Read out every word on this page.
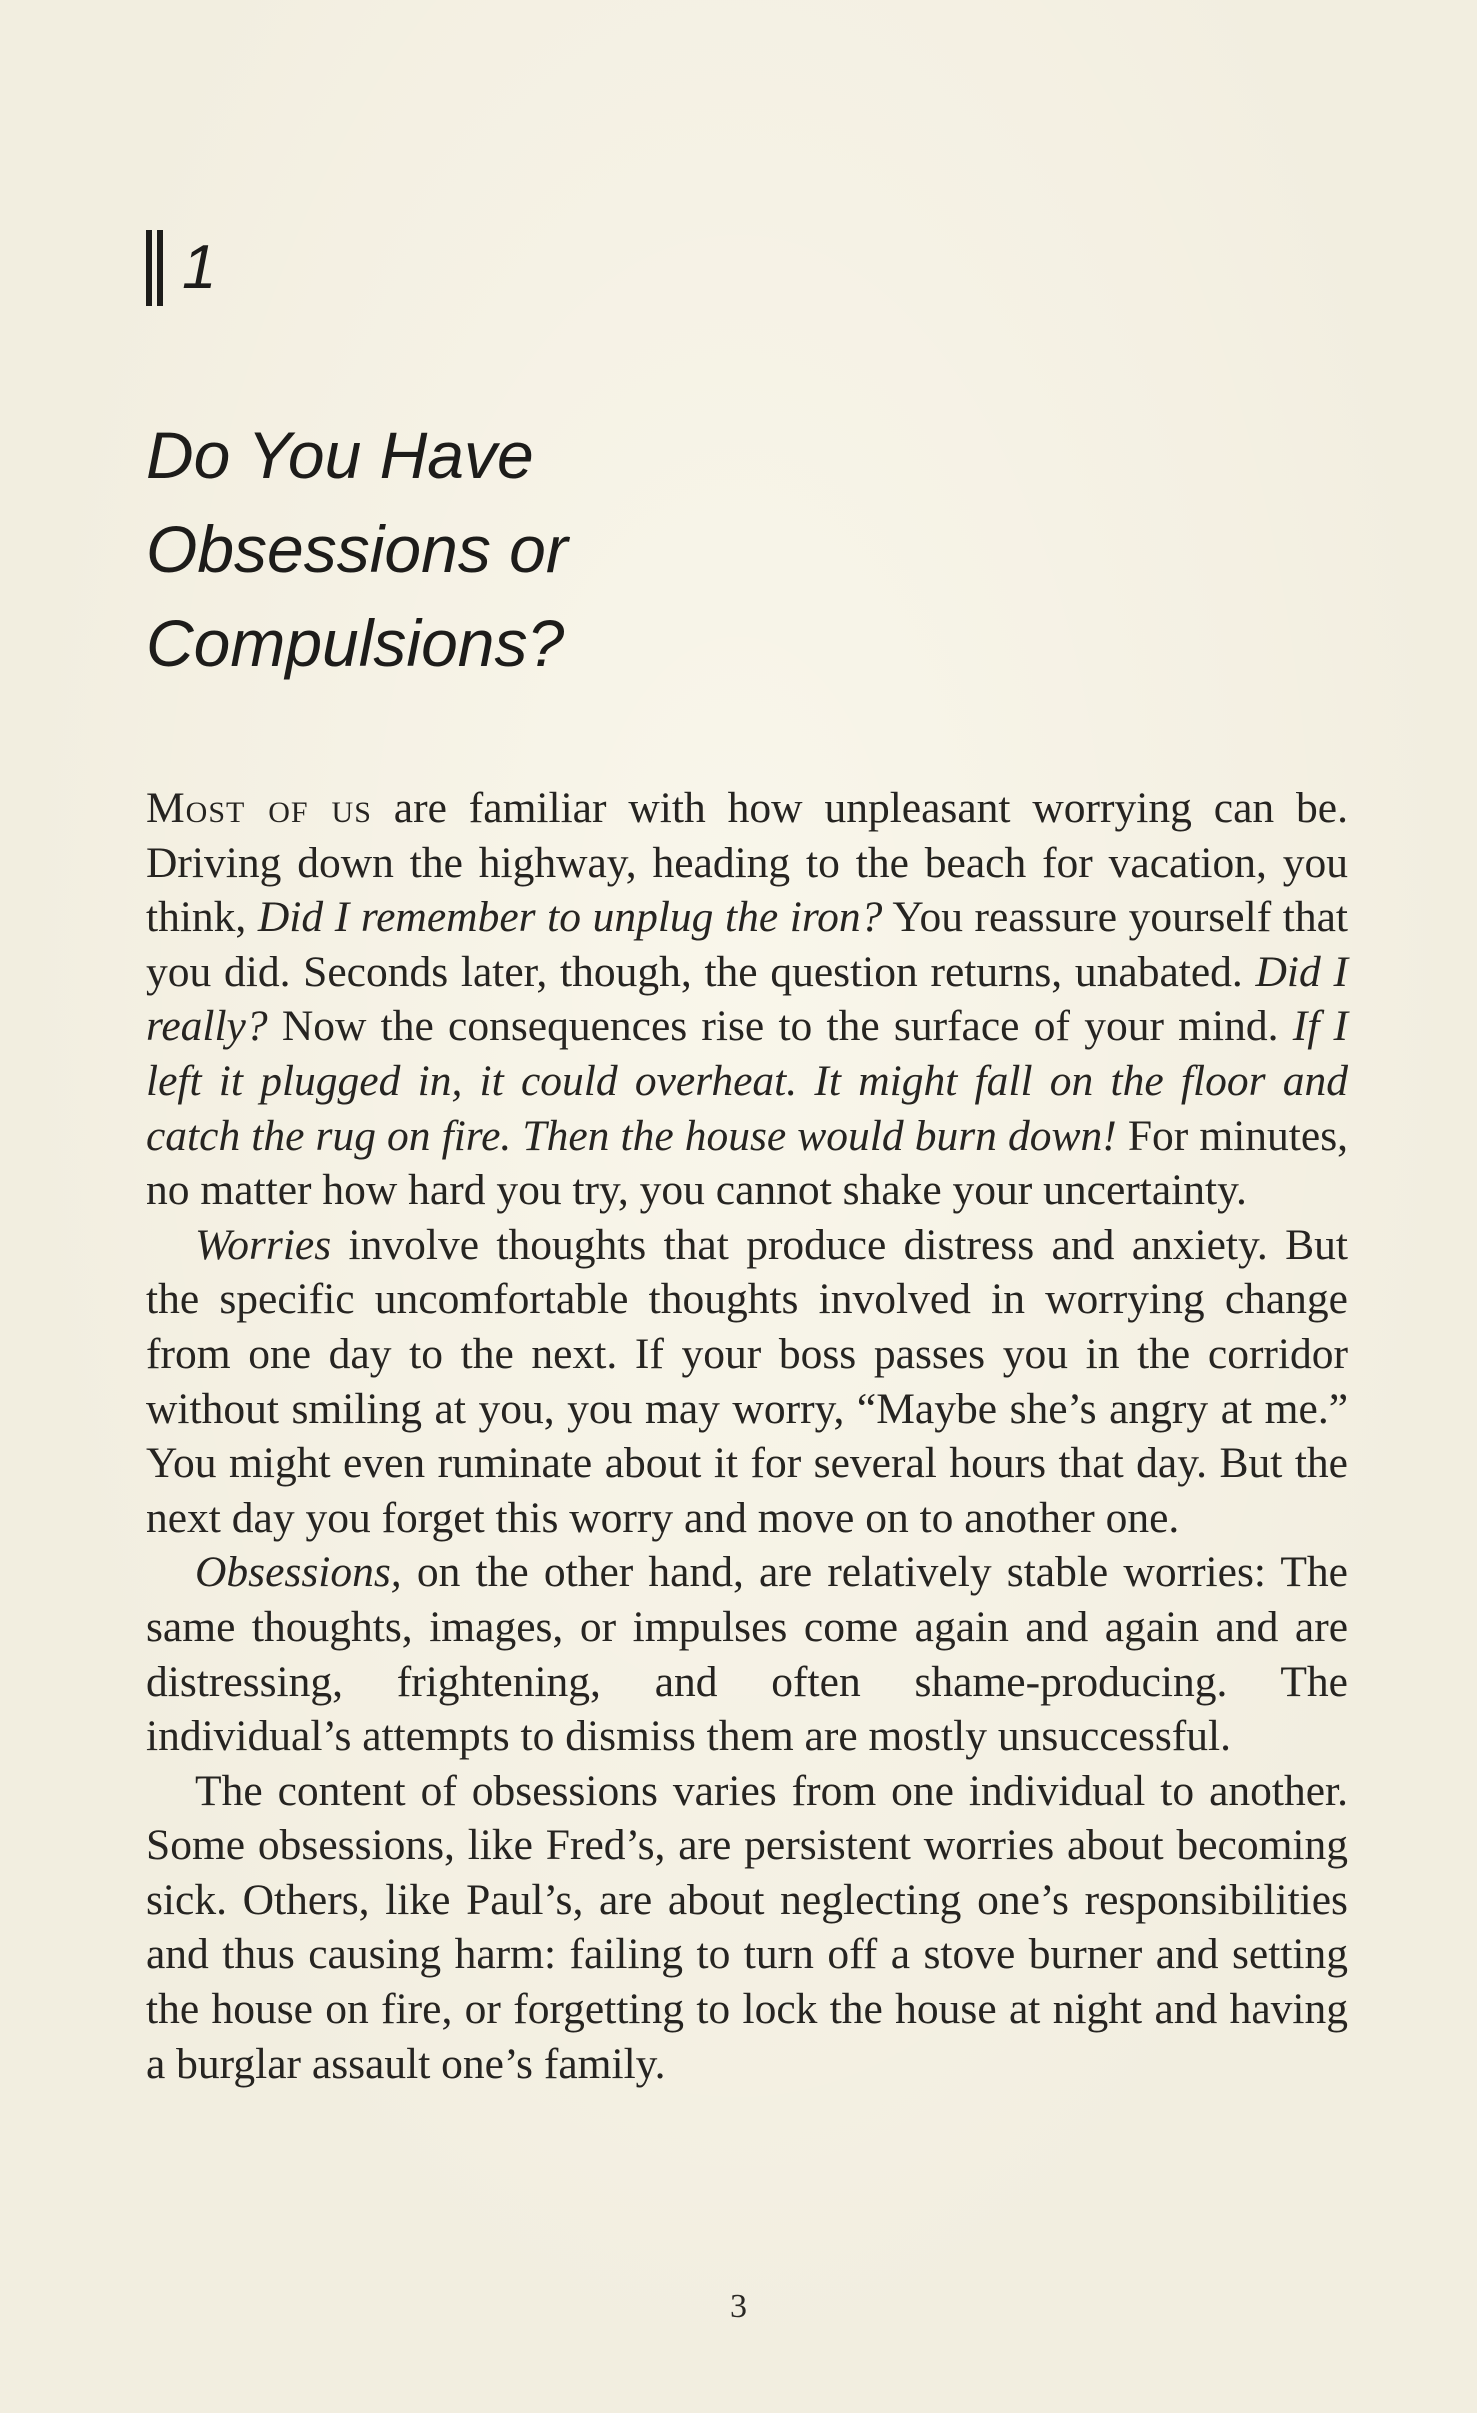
1
Do You Have
Obsessions or
Compulsions?

Most of us are familiar with how unpleasant worrying can be. Driving down the highway, heading to the beach for vacation, you think, Did I remember to unplug the iron? You reassure yourself that you did. Seconds later, though, the question returns, unabated. Did I really? Now the consequences rise to the surface of your mind. If I left it plugged in, it could overheat. It might fall on the floor and catch the rug on fire. Then the house would burn down! For minutes, no matter how hard you try, you cannot shake your uncertainty.

Worries involve thoughts that produce distress and anxiety. But the specific uncomfortable thoughts involved in worrying change from one day to the next. If your boss passes you in the corridor without smiling at you, you may worry, “Maybe she’s angry at me.” You might even ruminate about it for several hours that day. But the next day you forget this worry and move on to another one.

Obsessions, on the other hand, are relatively stable worries: The same thoughts, images, or impulses come again and again and are distressing, frightening, and often shame-producing. The individual’s attempts to dismiss them are mostly unsuccessful.

The content of obsessions varies from one individual to another. Some obsessions, like Fred’s, are persistent worries about becoming sick. Others, like Paul’s, are about neglecting one’s responsibilities and thus causing harm: failing to turn off a stove burner and setting the house on fire, or forgetting to lock the house at night and having a burglar assault one’s family.

3
